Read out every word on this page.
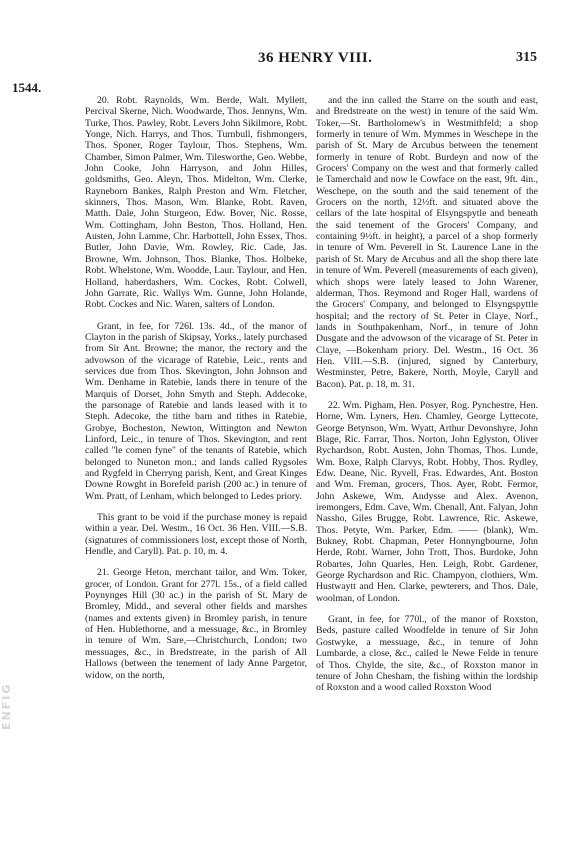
36 HENRY VIII.	315
1544.
ENFIG

20. Robt. Raynolds, Wm. Berde, Walt. Myllett, Percival Skerne, Nich. Woodwarde, Thos. Jennyns, Wm. Turke, Thos. Pawley, Robt. Levers John Sikilmore, Robt. Yonge, Nich. Harrys, and Thos. Turnbull, fishmongers, Thos. Sponer, Roger Taylour, Thos. Stephens, Wm. Chamber, Simon Palmer, Wm. Tilesworthe, Geo. Webbe, John Cooke, John Harryson, and John Hilles, goldsmiths, Geo. Aleyn, Thos. Midelton, Wm. Clerke, Rayneborn Bankes, Ralph Preston and Wm. Fletcher, skinners, Thos. Mason, Wm. Blanke, Robt. Raven, Matth. Dale, John Sturgeon, Edw. Bover, Nic. Rosse, Wm. Cottingham, John Beston, Thos. Holland, Hen. Austen, John Lamme, Chr. Harbottell, John Essex, Thos. Butler, John Davie, Wm. Rowley, Ric. Cade, Jas. Browne, Wm. Johnson, Thos. Blanke, Thos. Holbeke, Robt. Whelstone, Wm. Woodde, Laur. Taylour, and Hen. Holland, haberdashers, Wm. Cockes, Robt. Colwell, John Garrate, Ric. Wallys Wm. Gunne, John Holande, Robt. Cockes and Nic. Waren, salters of London.

Grant, in fee, for 726l. 13s. 4d., of the manor of Clayton in the parish of Skipsay, Yorks., lately purchased from Sir Ant. Browne; the manor, the rectory and the advowson of the vicarage of Ratebie, Leic., rents and services due from Thos. Skevington, John Johnson and Wm. Denhame in Ratebie, lands there in tenure of the Marquis of Dorset, John Smyth and Steph. Addecoke, the parsonage of Ratebie and lands leased with it to Steph. Adecoke, the tithe barn and tithes in Ratebie, Grobye, Bocheston, Newton, Wittington and Newton Linford, Leic., in tenure of Thos. Skevington, and rent called "le comen fyne" of the tenants of Ratebie, which belonged to Nuneton mon.; and lands called Rygsoles and Rygfeld in Cherryng parish, Kent, and Great Kinges Downe Rowght in Borefeld parish (200 ac.) in tenure of Wm. Pratt, of Lenham, which belonged to Ledes priory.

This grant to be void if the purchase money is repaid within a year. Del. Westm., 16 Oct. 36 Hen. VIII.—S.B. (signatures of commissioners lost, except those of North, Hendle, and Caryll). Pat. p. 10, m. 4.

21. George Heton, merchant tailor, and Wm. Toker, grocer, of London. Grant for 277l. 15s., of a field called Poynynges Hill (30 ac.) in the parish of St. Mary de Bromley, Midd., and several other fields and marshes (names and extents given) in Bromley parish, in tenure of Hen. Hublethorne, and a messuage, &c., in Bromley in tenure of Wm. Sare,—Christchurch, London; two messuages, &c., in Bredstreate, in the parish of All Hallows (between the tenement of lady Anne Pargetor, widow, on the north,

and the inn called the Starre on the south and east, and Bredstreate on the west) in tenure of the said Wm. Toker,—St. Bartholomew's in Westmithfeld; a shop formerly in tenure of Wm. Mymmes in Weschepe in the parish of St. Mary de Arcubus between the tenement formerly in tenure of Robt. Burdeyn and now of the Grocers' Company on the west and that formerly called le Tamerchald and now le Cowface on the east, 9ft. 4in., Weschepe, on the south and the said tenement of the Grocers on the north, 12½ft. and situated above the cellars of the late hospital of Elsyngspytle and beneath the said tenement of the Grocers' Company, and containing 9½ft. in height), a parcel of a shop formerly in tenure of Wm. Peverell in St. Laurence Lane in the parish of St. Mary de Arcubus and all the shop there late in tenure of Wm. Peverell (measurements of each given), which shops were lately leased to John Warener, alderman, Thos. Reymond and Roger Hall, wardens of the Grocers' Company, and belonged to Elsyngspyttle hospital; and the rectory of St. Peter in Claye, Norf., lands in Southpakenham, Norf., in tenure of John Dusgate and the advowson of the vicarage of St. Peter in Claye, —Bokenham priory. Del. Westm., 16 Oct. 36 Hen. VIII.—S.B. (injured, signed by Canterbury, Westminster, Petre, Bakere, North, Moyle, Caryll and Bacon). Pat. p. 18, m. 31.

22. Wm. Pigham, Hen. Posyer, Rog. Pynchestre, Hen. Horne, Wm. Lyners, Hen. Chamley, George Lyttecote, George Betynson, Wm. Wyatt, Arthur Devonshyre, John Blage, Ric. Farrar, Thos. Norton, John Eglyston, Oliver Rychardson, Robt. Austen, John Thomas, Thos. Lunde, Wm. Boxe, Ralph Clarvys, Robt. Hobby, Thos. Rydley, Edw. Deane, Nic. Ryvell, Fras. Edwardes, Ant. Boston and Wm. Freman, grocers, Thos. Ayer, Robt. Fermor, John Askewe, Wm. Andysse and Alex. Avenon, iremongers, Edm. Cave, Wm. Chenall, Ant. Falyan, John Nassho, Giles Brugge, Robt. Lawrence, Ric. Askewe, Thos. Petyte, Wm. Parker, Edm. —— (blank), Wm. Bukney, Robt. Chapman, Peter Honnyngbourne, John Herde, Robt. Warner, John Trott, Thos. Burdoke, John Robartes, John Quarles, Hen. Leigh, Robt. Gardener, George Rychardson and Ric. Champyon, clothiers, Wm. Hustwaytt and Hen. Clarke, pewterers, and Thos. Dale, woolman, of London.

Grant, in fee, for 770l., of the manor of Roxston, Beds, pasture called Woodfelde in tenure of Sir John Gostwyke, a messuage, &c., in tenure of John Lumbarde, a close, &c., called le Newe Felde in tenure of Thos. Chylde, the site, &c., of Roxston manor in tenure of John Chesham, the fishing within the lordship of Roxston and a wood called Roxston Wood
